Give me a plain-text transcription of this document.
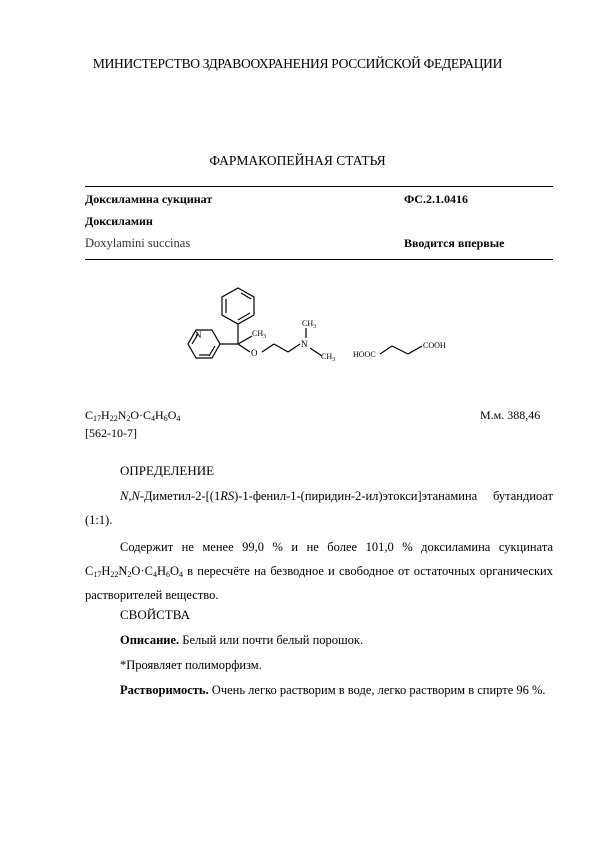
МИНИСТЕРСТВО ЗДРАВООХРАНЕНИЯ РОССИЙСКОЙ ФЕДЕРАЦИИ
ФАРМАКОПЕЙНАЯ СТАТЬЯ
Доксиламина сукцинат	ФС.2.1.0416
Доксиламин
Doxylamini succinas	Вводится впервые
N
O
N
$CH_3$
$CH_3$
$CH_3$
HOOC
COOH
$C_{17}H_{22}N_2O\cdot C_4H_6O_4$	М.м. 388,46
[562-10-7]
ОПРЕДЕЛЕНИЕ
N,N-Диметил-2-[(1RS)-1-фенил-1-(пиридин-2-ил)этокси]этанамина бутандиоат (1:1).
Содержит не менее 99,0 % и не более 101,0 % доксиламина сукцината $C_{17}H_{22}N_2O\cdot C_4H_6O_4$ в пересчёте на безводное и свободное от остаточных органических растворителей вещество.
СВОЙСТВА
Описание. Белый или почти белый порошок.
*Проявляет полиморфизм.
Растворимость. Очень легко растворим в воде, легко растворим в спирте 96 %.
